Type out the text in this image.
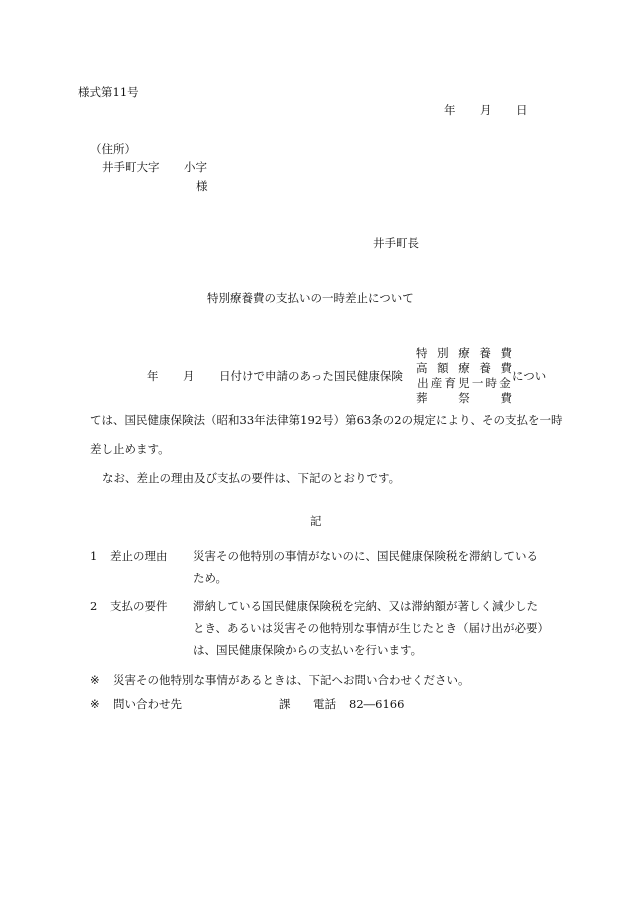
様式第11号
年 月 日
（住所）
井手町大字 小字
様
井手町長
特別療養費の支払いの一時差止について
年 月 日付けで申請のあった国民健康保険
特 別 療 養 費
高 額 療 養 費
出 産 育 児 一 時 金
葬	祭	費
につい
ては、国民健康保険法（昭和33年法律第192号）第63条の2の規定により、その支払を一時
差し止めます。
なお、差止の理由及び支払の要件は、下記のとおりです。
記
1 差止の理由 災害その他特別の事情がないのに、国民健康保険税を滞納している
ため。
2 支払の要件 滞納している国民健康保険税を完納、又は滞納額が著しく減少した
とき、あるいは災害その他特別な事情が生じたとき（届け出が必要）
は、国民健康保険からの支払いを行います。
※ 災害その他特別な事情があるときは、下記へお問い合わせください。
※ 問い合わせ先	課 電話 82―6166
